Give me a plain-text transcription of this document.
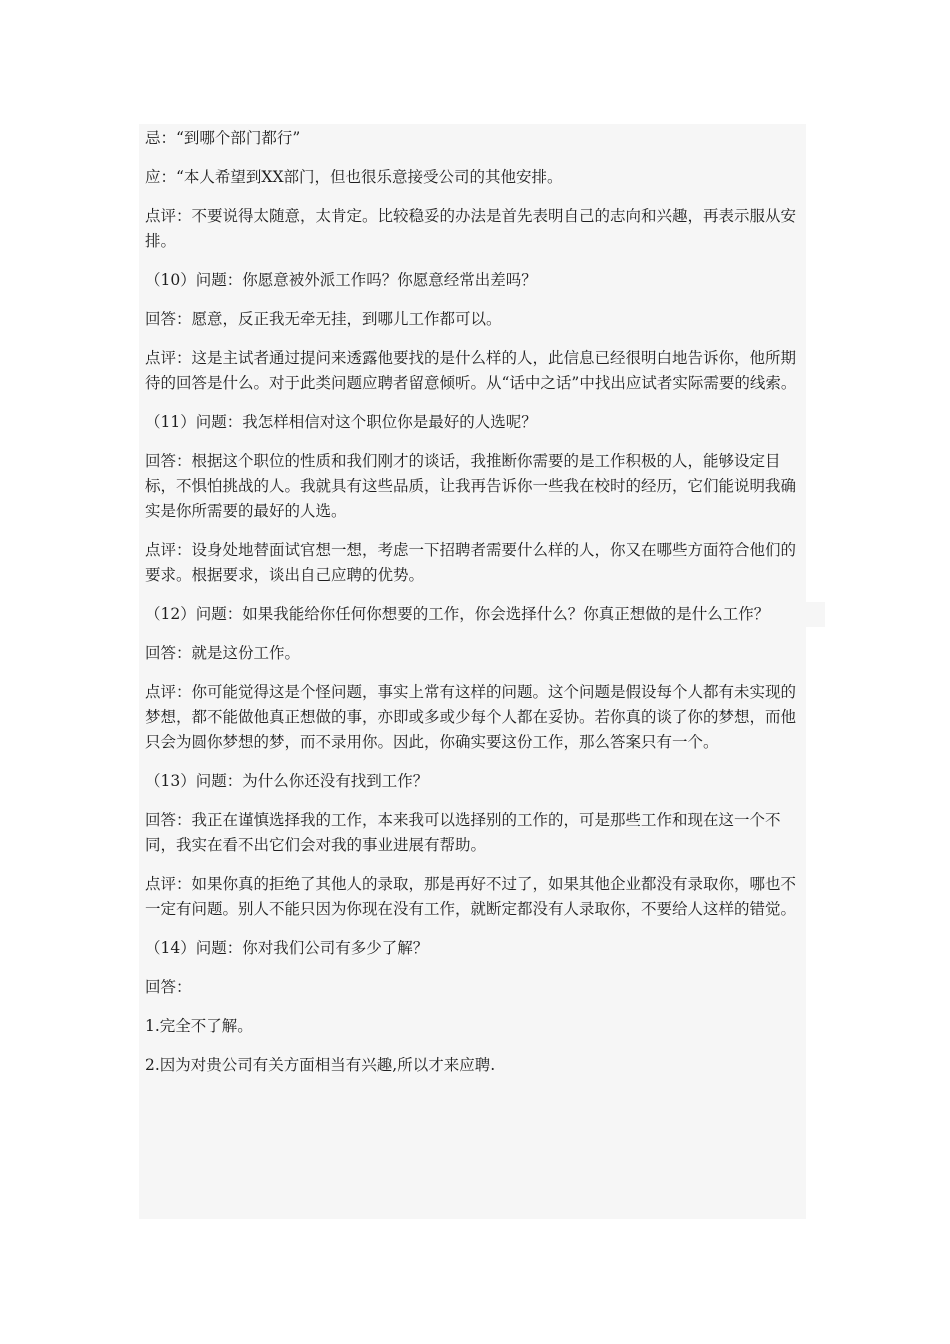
忌：“到哪个部门都行”

应：“本人希望到XX部门，但也很乐意接受公司的其他安排。

点评：不要说得太随意，太肯定。比较稳妥的办法是首先表明自己的志向和兴趣，再表示服从安排。

（10）问题：你愿意被外派工作吗？你愿意经常出差吗？

回答：愿意，反正我无牵无挂，到哪儿工作都可以。

点评：这是主试者通过提问来透露他要找的是什么样的人，此信息已经很明白地告诉你，他所期待的回答是什么。对于此类问题应聘者留意倾听。从“话中之话”中找出应试者实际需要的线索。

（11）问题：我怎样相信对这个职位你是最好的人选呢？

回答：根据这个职位的性质和我们刚才的谈话，我推断你需要的是工作积极的人，能够设定目标，不惧怕挑战的人。我就具有这些品质，让我再告诉你一些我在校时的经历，它们能说明我确实是你所需要的最好的人选。

点评：设身处地替面试官想一想，考虑一下招聘者需要什么样的人，你又在哪些方面符合他们的要求。根据要求，谈出自己应聘的优势。

（12）问题：如果我能给你任何你想要的工作，你会选择什么？你真正想做的是什么工作？

回答：就是这份工作。

点评：你可能觉得这是个怪问题，事实上常有这样的问题。这个问题是假设每个人都有未实现的梦想，都不能做他真正想做的事，亦即或多或少每个人都在妥协。若你真的谈了你的梦想，而他只会为圆你梦想的梦，而不录用你。因此，你确实要这份工作，那么答案只有一个。

（13）问题：为什么你还没有找到工作？

回答：我正在谨慎选择我的工作，本来我可以选择别的工作的，可是那些工作和现在这一个不同，我实在看不出它们会对我的事业进展有帮助。

点评：如果你真的拒绝了其他人的录取，那是再好不过了，如果其他企业都没有录取你，哪也不一定有问题。别人不能只因为你现在没有工作，就断定都没有人录取你，不要给人这样的错觉。

（14）问题：你对我们公司有多少了解？

回答：

1.完全不了解。

2.因为对贵公司有关方面相当有兴趣,所以才来应聘.
